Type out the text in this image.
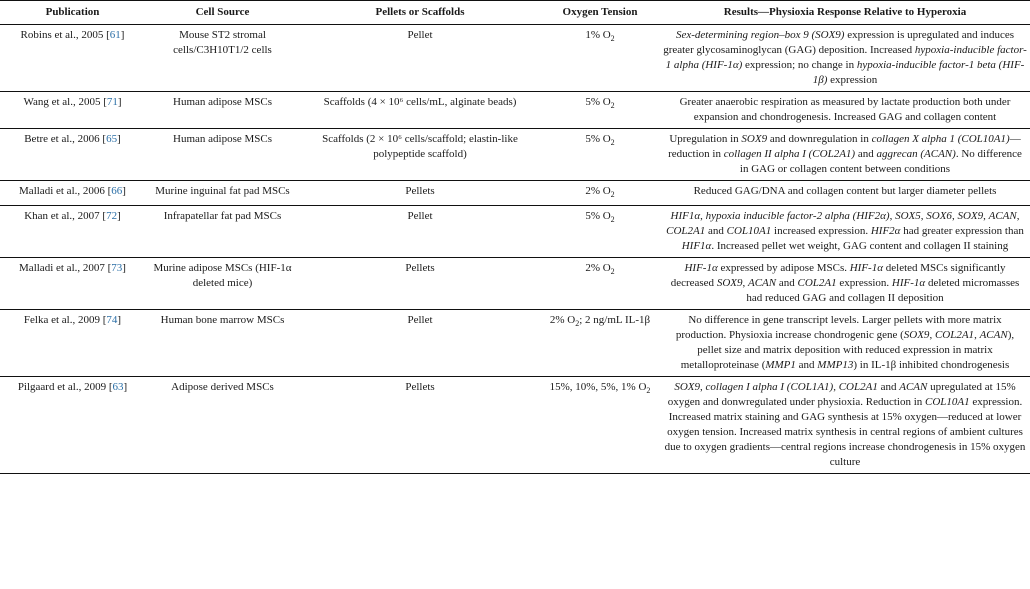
Publication	Cell Source	Pellets or Scaffolds	Oxygen Tension	Results—Physioxia Response Relative to Hyperoxia
Robins et al., 2005 [61]	Mouse ST2 stromal cells/C3H10T1/2 cells	Pellet	1% $O_2$	Sex-determining region–box 9 (SOX9) expression is upregulated and induces greater glycosaminoglycan (GAG) deposition. Increased hypoxia-inducible factor-1 alpha (HIF-1α) expression; no change in hypoxia-inducible factor-1 beta (HIF-1β) expression
Wang et al., 2005 [71]	Human adipose MSCs	Scaffolds (4 × 10⁶ cells/mL, alginate beads)	5% $O_2$	Greater anaerobic respiration as measured by lactate production both under expansion and chondrogenesis. Increased GAG and collagen content
Betre et al., 2006 [65]	Human adipose MSCs	Scaffolds (2 × 10⁶ cells/scaffold; elastin-like polypeptide scaffold)	5% $O_2$	Upregulation in SOX9 and downregulation in collagen X alpha 1 (COL10A1)—reduction in collagen II alpha I (COL2A1) and aggrecan (ACAN). No difference in GAG or collagen content between conditions
Malladi et al., 2006 [66]	Murine inguinal fat pad MSCs	Pellets	2% $O_2$	Reduced GAG/DNA and collagen content but larger diameter pellets
Khan et al., 2007 [72]	Infrapatellar fat pad MSCs	Pellet	5% $O_2$	HIF1α, hypoxia inducible factor-2 alpha (HIF2α), SOX5, SOX6, SOX9, ACAN, COL2A1 and COL10A1 increased expression. HIF2α had greater expression than HIF1α. Increased pellet wet weight, GAG content and collagen II staining
Malladi et al., 2007 [73]	Murine adipose MSCs (HIF-1α deleted mice)	Pellets	2% $O_2$	HIF-1α expressed by adipose MSCs. HIF-1α deleted MSCs significantly decreased SOX9, ACAN and COL2A1 expression. HIF-1α deleted micromasses had reduced GAG and collagen II deposition
Felka et al., 2009 [74]	Human bone marrow MSCs	Pellet	2% $O_2$; 2 ng/mL IL-1β	No difference in gene transcript levels. Larger pellets with more matrix production. Physioxia increase chondrogenic gene (SOX9, COL2A1, ACAN), pellet size and matrix deposition with reduced expression in matrix metalloproteinase (MMP1 and MMP13) in IL-1β inhibited chondrogenesis
Pilgaard et al., 2009 [63]	Adipose derived MSCs	Pellets	15%, 10%, 5%, 1% $O_2$	SOX9, collagen I alpha I (COL1A1), COL2A1 and ACAN upregulated at 15% oxygen and donwregulated under physioxia. Reduction in COL10A1 expression. Increased matrix staining and GAG synthesis at 15% oxygen—reduced at lower oxygen tension. Increased matrix synthesis in central regions of ambient cultures due to oxygen gradients—central regions increase chondrogenesis in 15% oxygen culture
